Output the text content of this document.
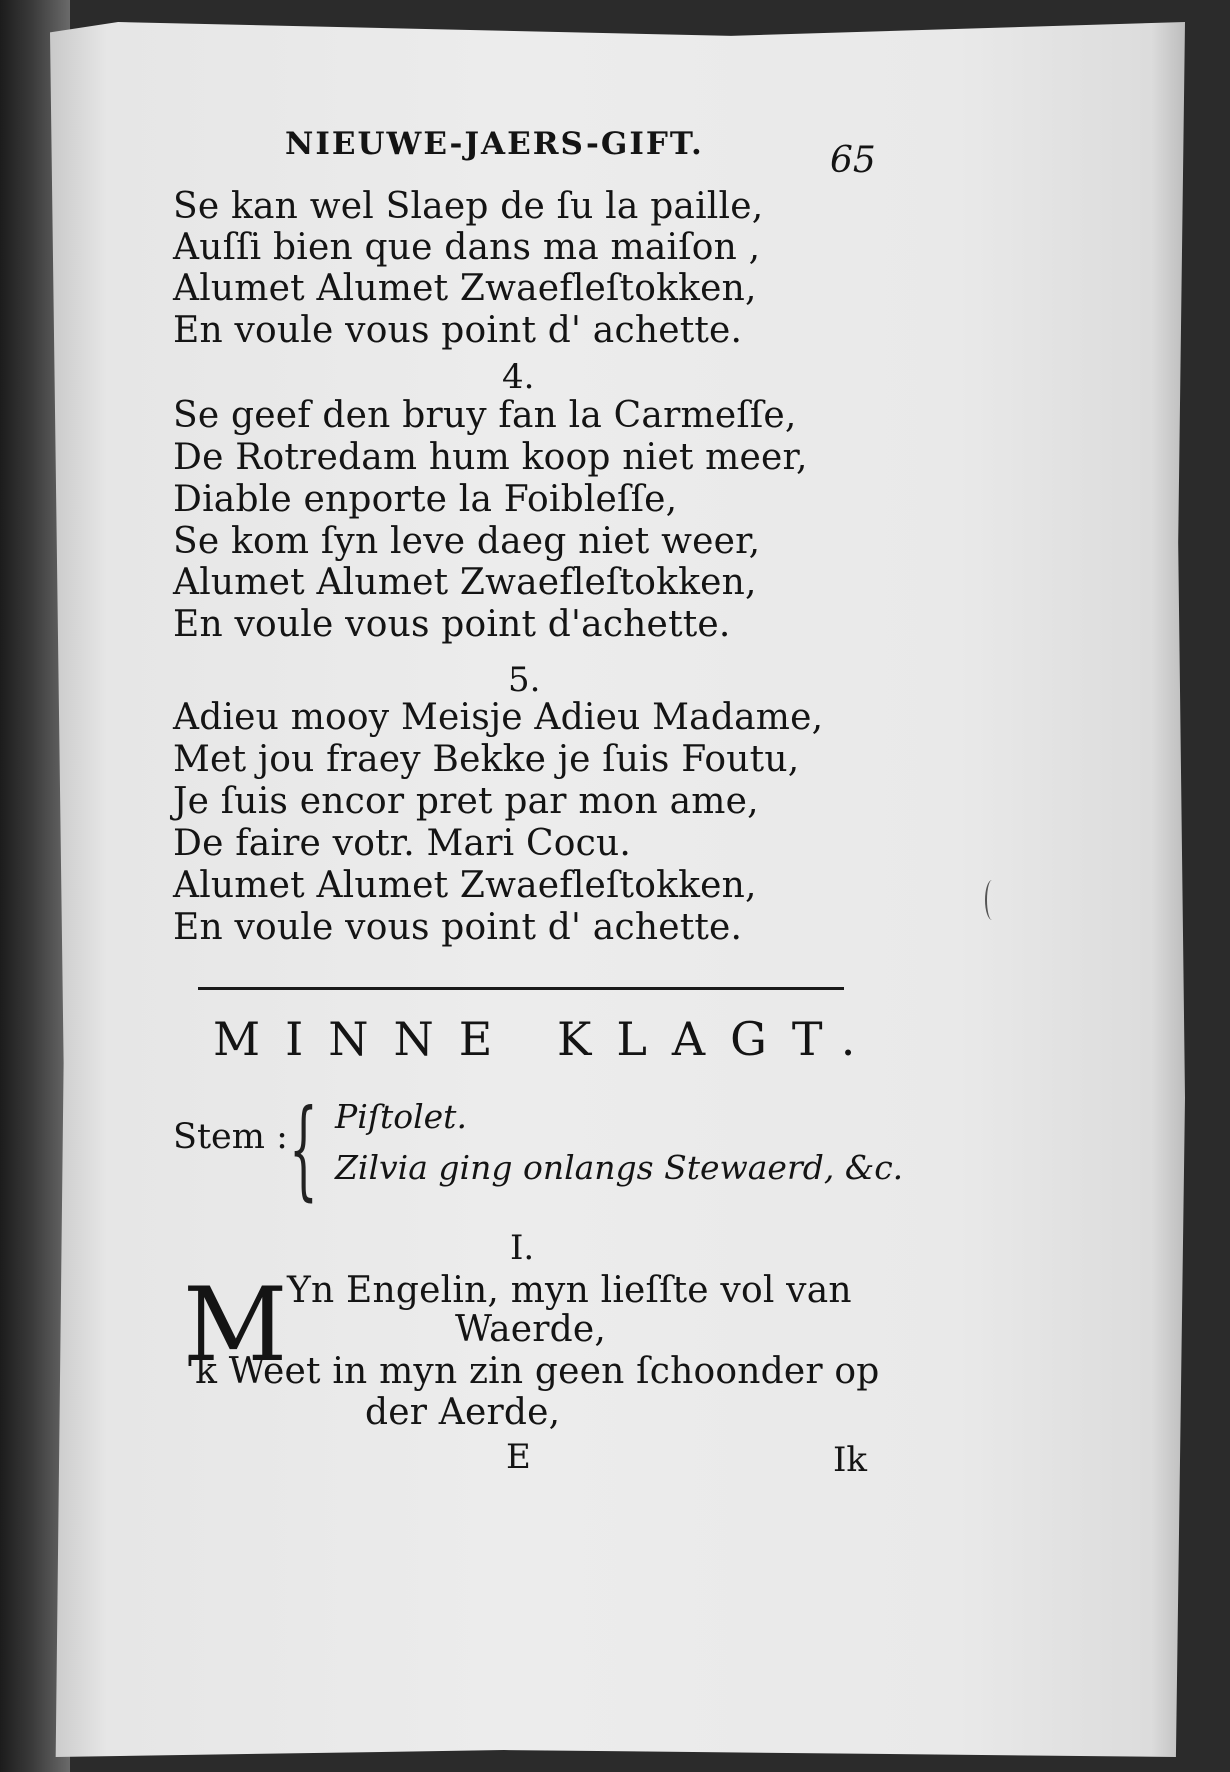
NIEUWE-JAERS-GIFT.	65
Se kan wel Slaep de ſu la paille,
Auſſi bien que dans ma maiſon ,
Alumet Alumet Zwaefleſtokken,
En voule vous point d' achette.
4.
Se geef den bruy fan la Carmeſſe,
De Rotredam hum koop niet meer,
Diable enporte la Foibleſſe,
Se kom ſyn leve daeg niet weer,
Alumet Alumet Zwaefleſtokken,
En voule vous point d'achette.
5.
Adieu mooy Meisje Adieu Madame,
Met jou fraey Bekke je ſuis Foutu,
Je ſuis encor pret par mon ame,
De faire votr. Mari Cocu.
Alumet Alumet Zwaefleſtokken,
En voule vous point d' achette.
MINNE KLAGT.
Stem : { Piſtolet.
Zilvia ging onlangs Stewaerd, &c.
I.
M Yn Engelin, myn lieſſte vol van
Waerde,
'k Weet in myn zin geen ſchoonder op
der Aerde,
E	Ik
